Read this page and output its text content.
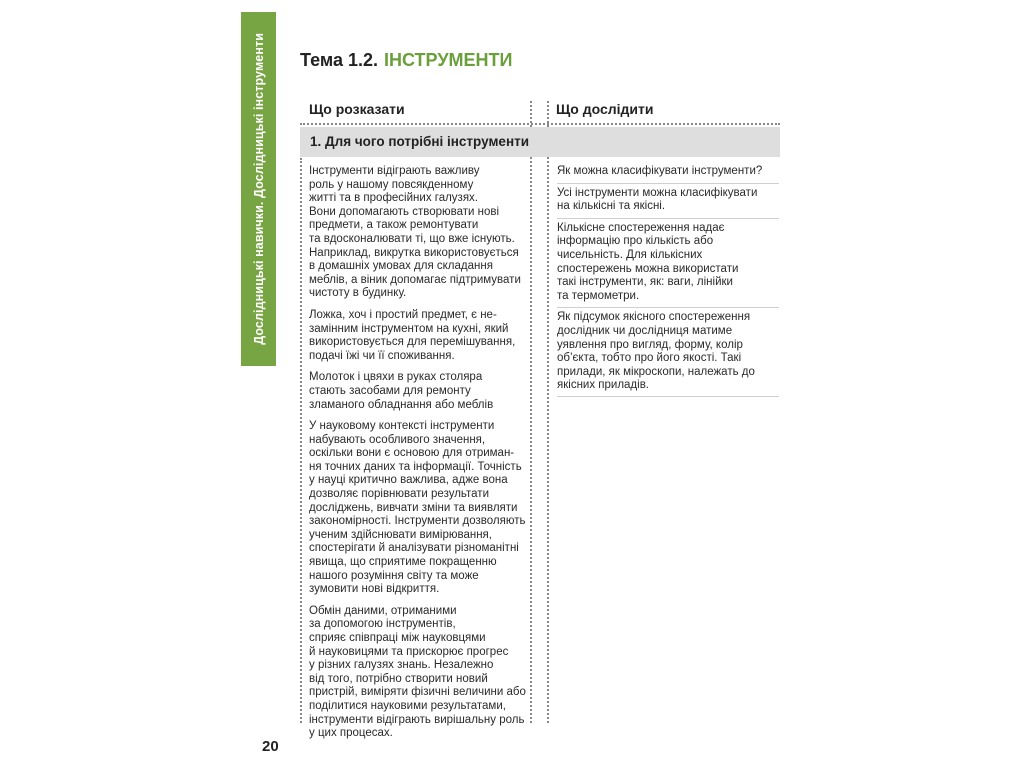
Дослідницькі навички. Дослідницькі інструменти Тема 1.2. ІНСТРУМЕНТИ
Що розказати	Що дослідити
1. Для чого потрібні інструменти

Інструменти відіграють важливу
роль у нашому повсякденному
житті та в професійних галузях.
Вони допомагають створювати нові
предмети, а також ремонтувати
та вдосконалювати ті, що вже існують.
Наприклад, викрутка використовується
в домашніх умовах для складання
меблів, а віник допомагає підтримувати
чистоту в будинку.

Ложка, хоч і простий предмет, є не-
замінним інструментом на кухні, який
використовується для перемішування,
подачі їжі чи її споживання.

Молоток і цвяхи в руках столяра
стають засобами для ремонту
зламаного обладнання або меблів

У науковому контексті інструменти
набувають особливого значення,
оскільки вони є основою для отриман-
ня точних даних та інформації. Точність
у науці критично важлива, адже вона
дозволяє порівнювати результати
досліджень, вивчати зміни та виявляти
закономірності. Інструменти дозволяють
ученим здійснювати вимірювання,
спостерігати й аналізувати різноманітні
явища, що сприятиме покращенню
нашого розуміння світу та може
зумовити нові відкриття.

Обмін даними, отриманими
за допомогою інструментів,
сприяє співпраці між науковцями
й науковицями та прискорює прогрес
у різних галузях знань. Незалежно
від того, потрібно створити новий
пристрій, виміряти фізичні величини або
поділитися науковими результатами,
інструменти відіграють вирішальну роль
у цих процесах.

Як можна класифікувати інструменти?

Усі інструменти можна класифікувати
на кількісні та якісні.

Кількісне спостереження надає
інформацію про кількість або
чисельність. Для кількісних
спостережень можна використати
такі інструменти, як: ваги, лінійки
та термометри.

Як підсумок якісного спостереження
дослідник чи дослідниця матиме
уявлення про вигляд, форму, колір
об’єкта, тобто про його якості. Такі
прилади, як мікроскопи, належать до
якісних приладів.

20
